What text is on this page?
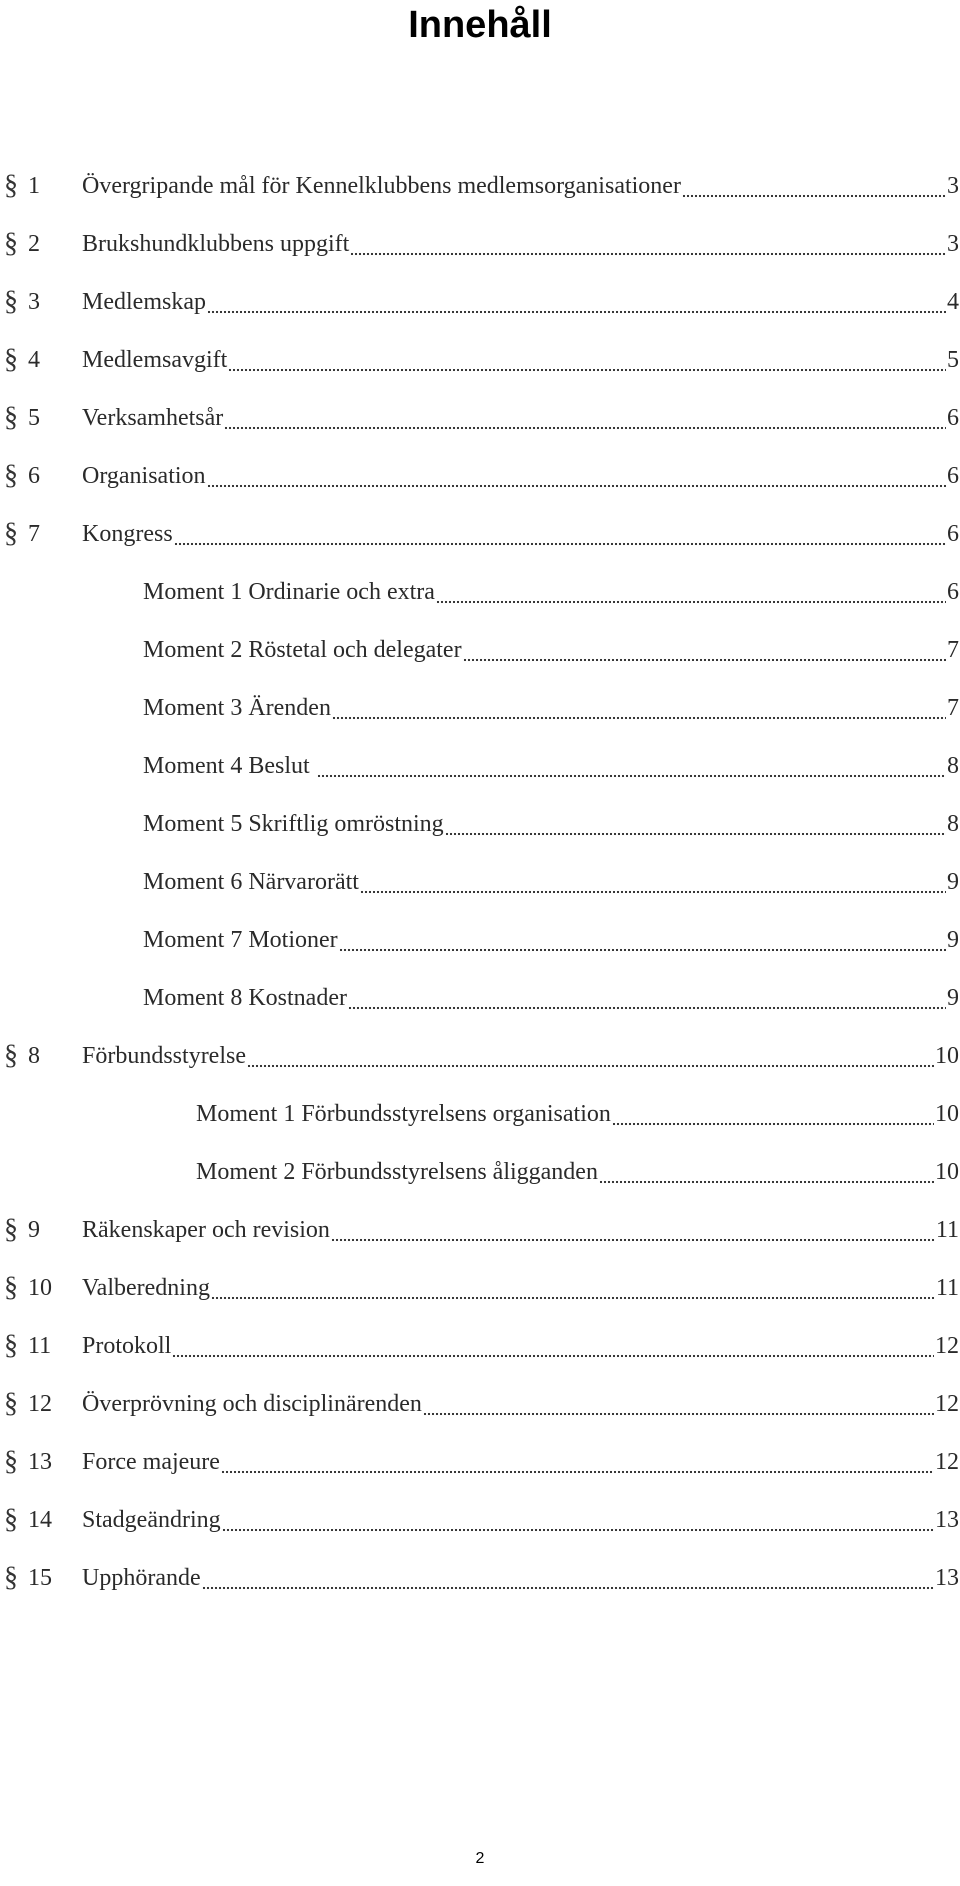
Innehåll
§ 1	Övergripande mål för Kennelklubbens medlemsorganisationer	3
§ 2	Brukshundklubbens uppgift	3
§ 3	Medlemskap	4
§ 4	Medlemsavgift	5
§ 5	Verksamhetsår	6
§ 6	Organisation	6
§ 7	Kongress	6
Moment 1 Ordinarie och extra	6
Moment 2 Röstetal och delegater	7
Moment 3 Ärenden	7
Moment 4 Beslut	8
Moment 5 Skriftlig omröstning	8
Moment 6 Närvarorätt	9
Moment 7 Motioner	9
Moment 8 Kostnader	9
§ 8	Förbundsstyrelse	10
Moment 1 Förbundsstyrelsens organisation	10
Moment 2 Förbundsstyrelsens åligganden	10
§ 9	Räkenskaper och revision	11
§ 10	Valberedning	11
§ 11	Protokoll	12
§ 12	Överprövning och disciplinärenden	12
§ 13	Force majeure	12
§ 14	Stadgeändring	13
§ 15	Upphörande	13
2
